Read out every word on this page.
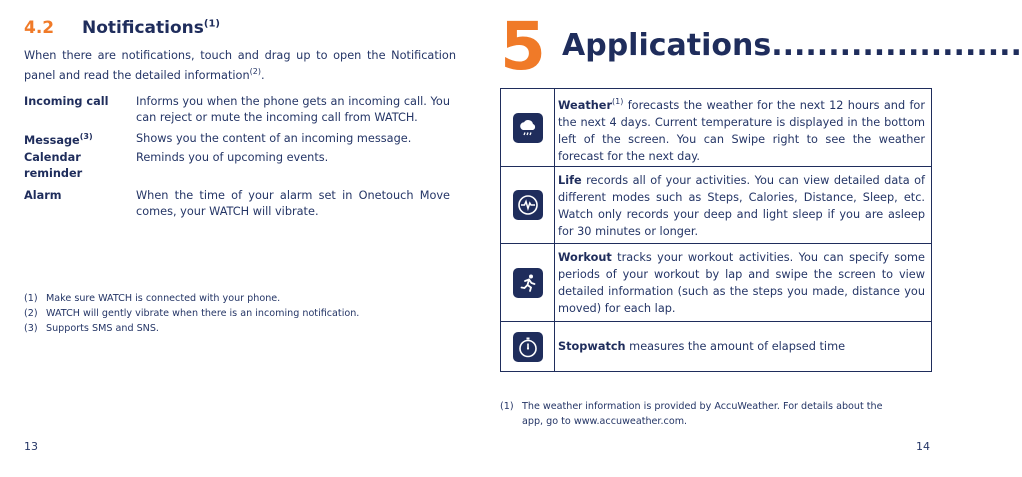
4.2 Notifications$^{(1)}$
When there are notifications, touch and drag up to open the Notification panel and read the detailed information$^{(2)}$.
Incoming call Informs you when the phone gets an incoming call. You can reject or mute the incoming call from WATCH.
Message$^{(3)}$	Shows you the content of an incoming message.
Calendar reminder
Reminds you of upcoming events.
Alarm	When the time of your alarm set in Onetouch Move comes, your WATCH will vibrate.
(1) Make sure WATCH is connected with your phone.
(2) WATCH will gently vibrate when there is an incoming notification.
(3) Supports SMS and SNS.
13
5 Applications......................
Weather$^{(1)}$ forecasts the weather for the next 12 hours and for the next 4 days. Current temperature is displayed in the bottom left of the screen. You can Swipe right to see the weather forecast for the next day.
Life records all of your activities. You can view detailed data of different modes such as Steps, Calories, Distance, Sleep, etc. Watch only records your deep and light sleep if you are asleep for 30 minutes or longer.
Workout tracks your workout activities. You can specify some periods of your workout by lap and swipe the screen to view detailed information (such as the steps you made, distance you moved) for each lap.
Stopwatch measures the amount of elapsed time
(1) The weather information is provided by AccuWeather. For details about the
app, go to www.accuweather.com.
14
